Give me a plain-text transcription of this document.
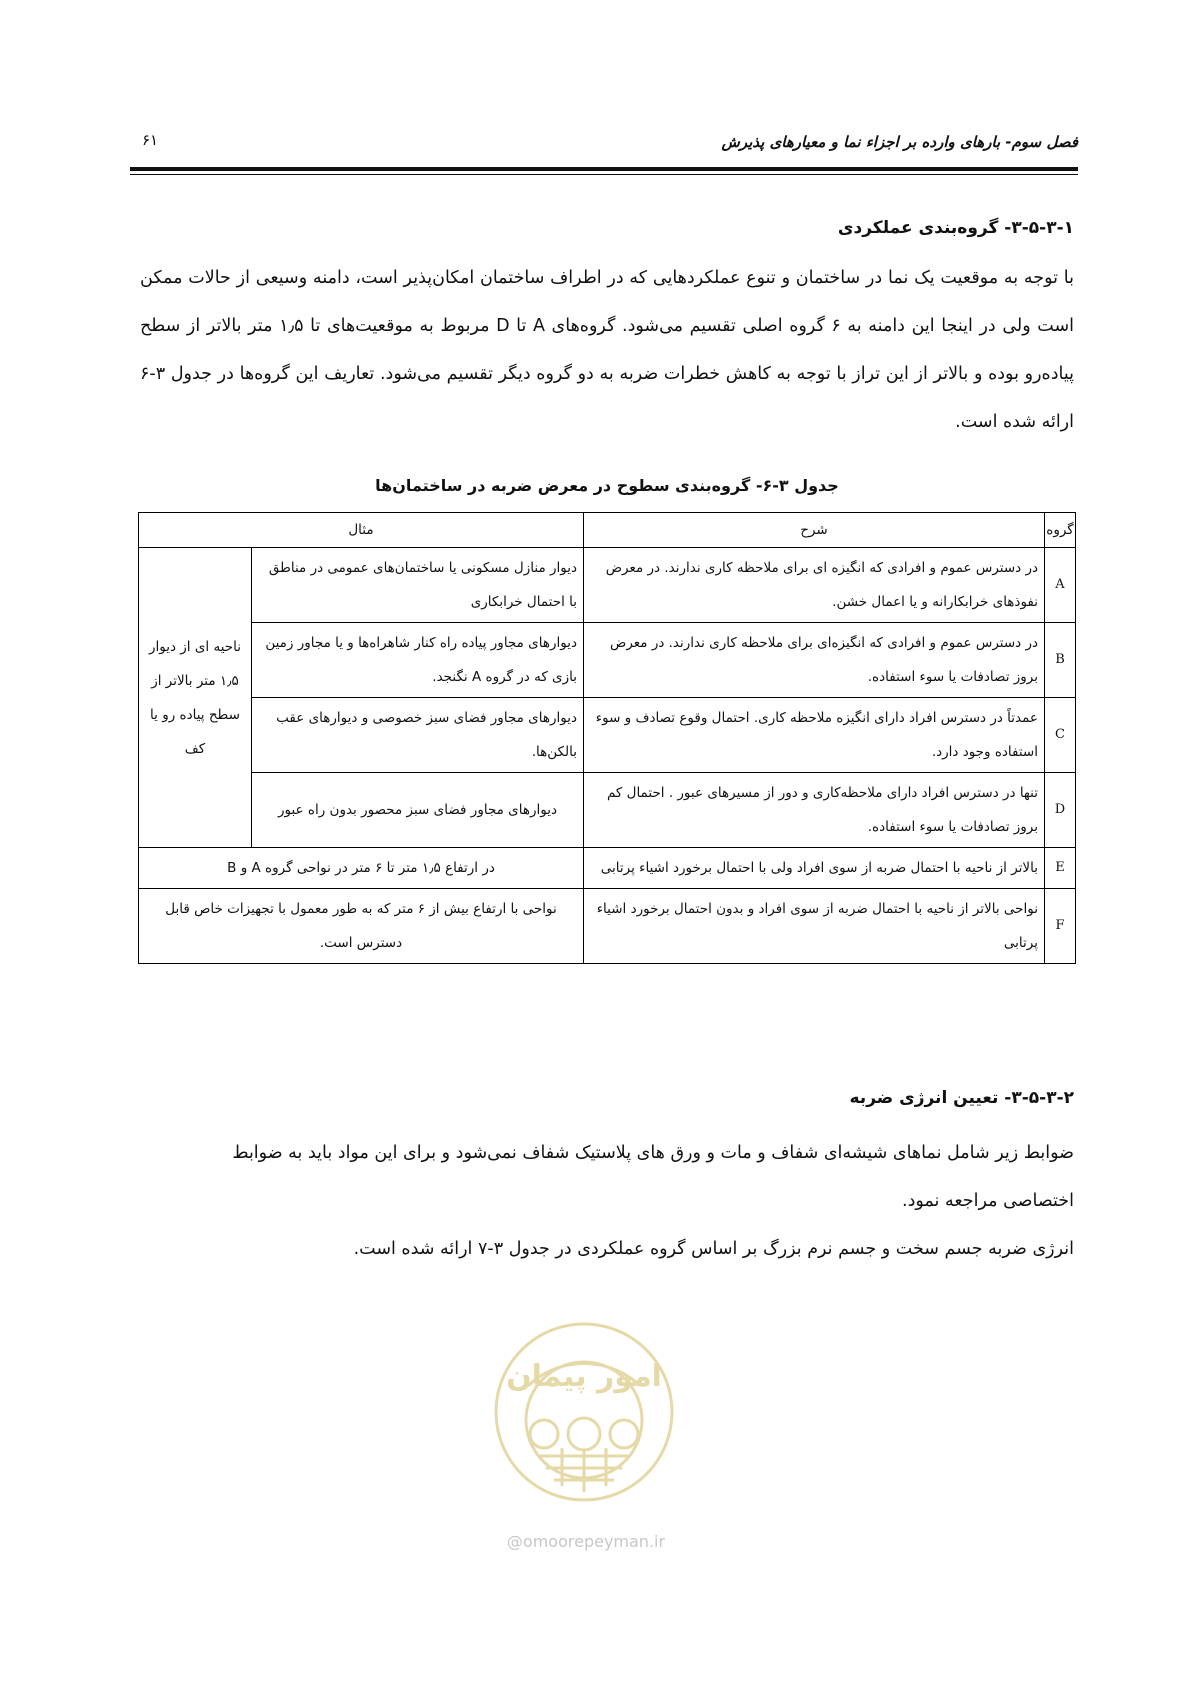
فصل سوم- بارهای وارده بر اجزاء نما و معیارهای پذیرش
۶۱
۳-۵-۳-۱- گروه‌بندی عملکردی
با توجه به موقعیت یک نما در ساختمان و تنوع عملکردهایی که در اطراف ساختمان امکان‌پذیر است، دامنه وسیعی از حالات ممکن است ولی در اینجا این دامنه به ۶ گروه اصلی تقسیم می‌شود. گروه‌های A تا D مربوط به موقعیت‌های تا ۱٫۵ متر بالاتر از سطح پیاده‌رو بوده و بالاتر از این تراز با توجه به کاهش خطرات ضربه به دو گروه دیگر تقسیم می‌شود. تعاریف این گروه‌ها در جدول ۳-۶ ارائه شده است.
جدول ۳-۶- گروه‌بندی سطوح در معرض ضربه در ساختمان‌ها
گروه	شرح	مثال	
A	در دسترس عموم و افرادی که انگیزه ای برای ملاحظه کاری ندارند. در معرض نفوذهای خرابکارانه و یا اعمال خشن.	دیوار منازل مسکونی یا ساختمان‌های عمومی در مناطق با احتمال خرابکاری	ناحیه ای از دیوار ۱٫۵ متر بالاتر از سطح پیاده رو یا کف
B	در دسترس عموم و افرادی که انگیزه‌ای برای ملاحظه کاری ندارند. در معرض بروز تصادفات یا سوء استفاده.	دیوارهای مجاور پیاده راه کنار شاهراه‌ها و یا مجاور زمین بازی که در گروه A نگنجد.	
C	عمدتاً در دسترس افراد دارای انگیزه ملاحظه کاری. احتمال وقوع تصادف و سوء استفاده وجود دارد.	دیوارهای مجاور فضای سبز خصوصی و دیوارهای عقب بالکن‌ها.	
D	تنها در دسترس افراد دارای ملاحظه‌کاری و دور از مسیرهای عبور . احتمال کم بروز تصادفات یا سوء استفاده.	دیوارهای مجاور فضای سبز محصور بدون راه عبور	
E	بالاتر از ناحیه با احتمال ضربه از سوی افراد ولی با احتمال برخورد اشیاء پرتابی	در ارتفاع ۱٫۵ متر تا ۶ متر در نواحی گروه A و B	
F	نواحی بالاتر از ناحیه با احتمال ضربه از سوی افراد و بدون احتمال برخورد اشیاء پرتابی	نواحی با ارتفاع بیش از ۶ متر که به طور معمول با تجهیزات خاص قابل دسترس است.	
۳-۵-۳-۲- تعیین انرژی ضربه
ضوابط زیر شامل نماهای شیشه‌ای شفاف و مات و ورق های پلاستیک شفاف نمی‌شود و برای این مواد باید به ضوابط
اختصاصی مراجعه نمود.
انرژی ضربه جسم سخت و جسم نرم بزرگ بر اساس گروه عملکردی در جدول ۳-۷ ارائه شده است.
امور پیمان
@omoorepeyman.ir
